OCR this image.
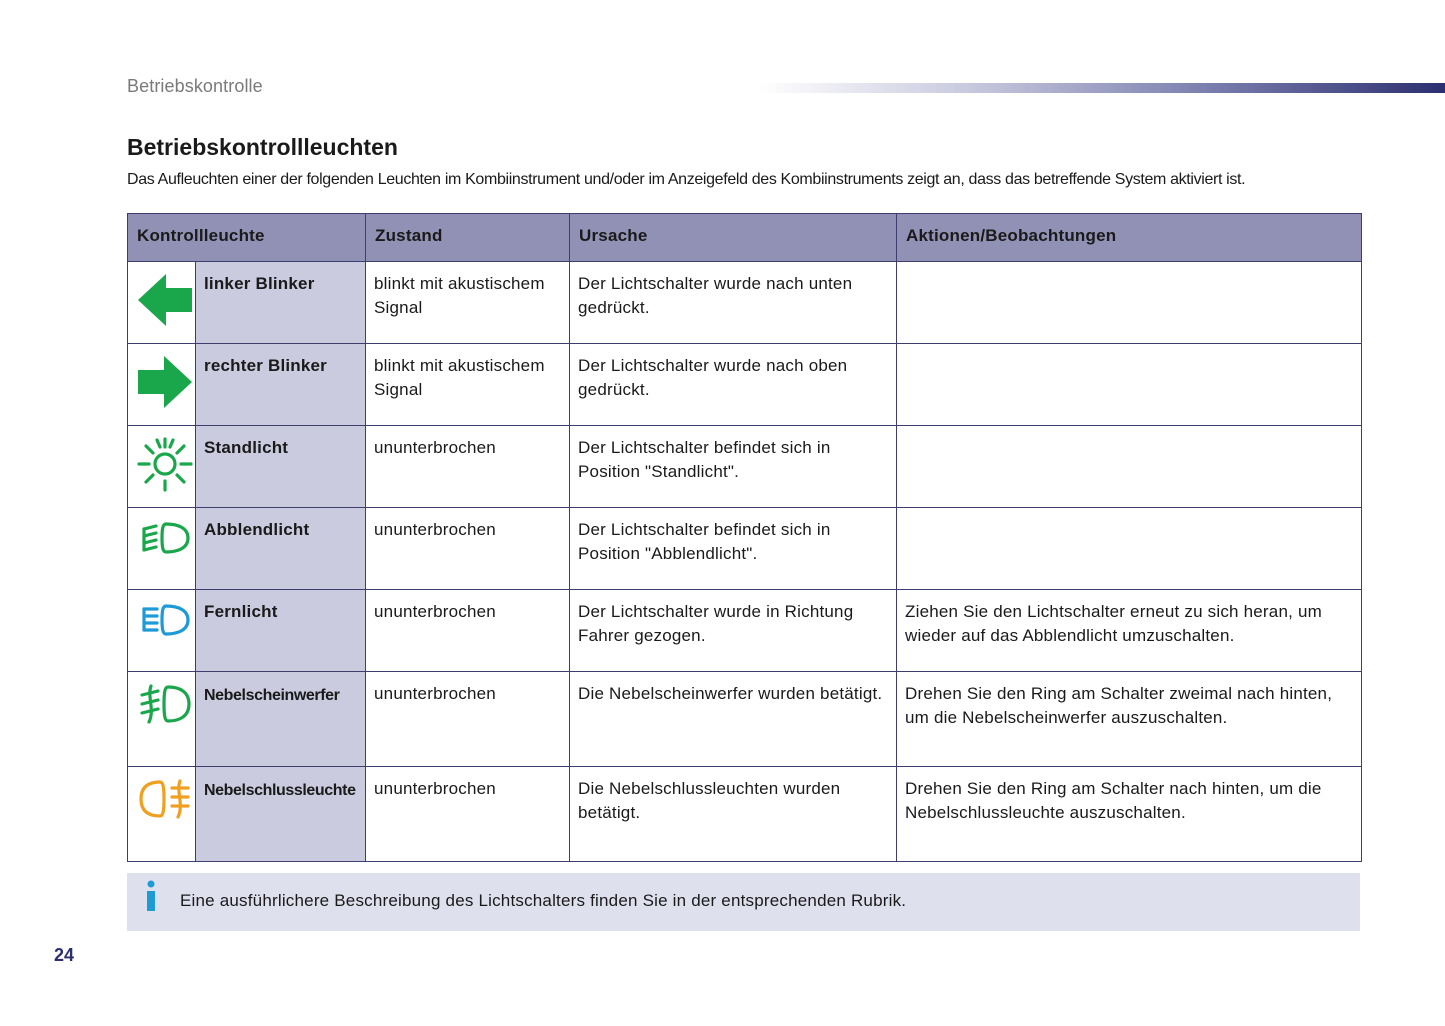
Betriebskontrolle
Betriebskontrollleuchten
Das Aufleuchten einer der folgenden Leuchten im Kombiinstrument und/oder im Anzeigefeld des Kombiinstruments zeigt an, dass das betreffende System aktiviert ist.
Kontrollleuchte		Zustand	Ursache	Aktionen/Beobachtungen

	linker Blinker	blinkt mit akustischem Signal	Der Lichtschalter wurde nach unten gedrückt.	

	rechter Blinker	blinkt mit akustischem Signal	Der Lichtschalter wurde nach oben gedrückt.	

	Standlicht	ununterbrochen	Der Lichtschalter befindet sich in Position "Standlicht".	

	Abblendlicht	ununterbrochen	Der Lichtschalter befindet sich in Position "Abblendlicht".	

	Fernlicht	ununterbrochen	Der Lichtschalter wurde in Richtung Fahrer gezogen.	Ziehen Sie den Lichtschalter erneut zu sich heran, um wieder auf das Abblendlicht umzuschalten.

	Nebelscheinwerfer	ununterbrochen	Die Nebelscheinwerfer wurden betätigt.	Drehen Sie den Ring am Schalter zweimal nach hinten, um die Nebelscheinwerfer auszuschalten.

	Nebelschlussleuchte	ununterbrochen	Die Nebelschlussleuchten wurden betätigt.	Drehen Sie den Ring am Schalter nach hinten, um die Nebelschlussleuchte auszuschalten.
Eine ausführlichere Beschreibung des Lichtschalters finden Sie in der entsprechenden Rubrik.
24
